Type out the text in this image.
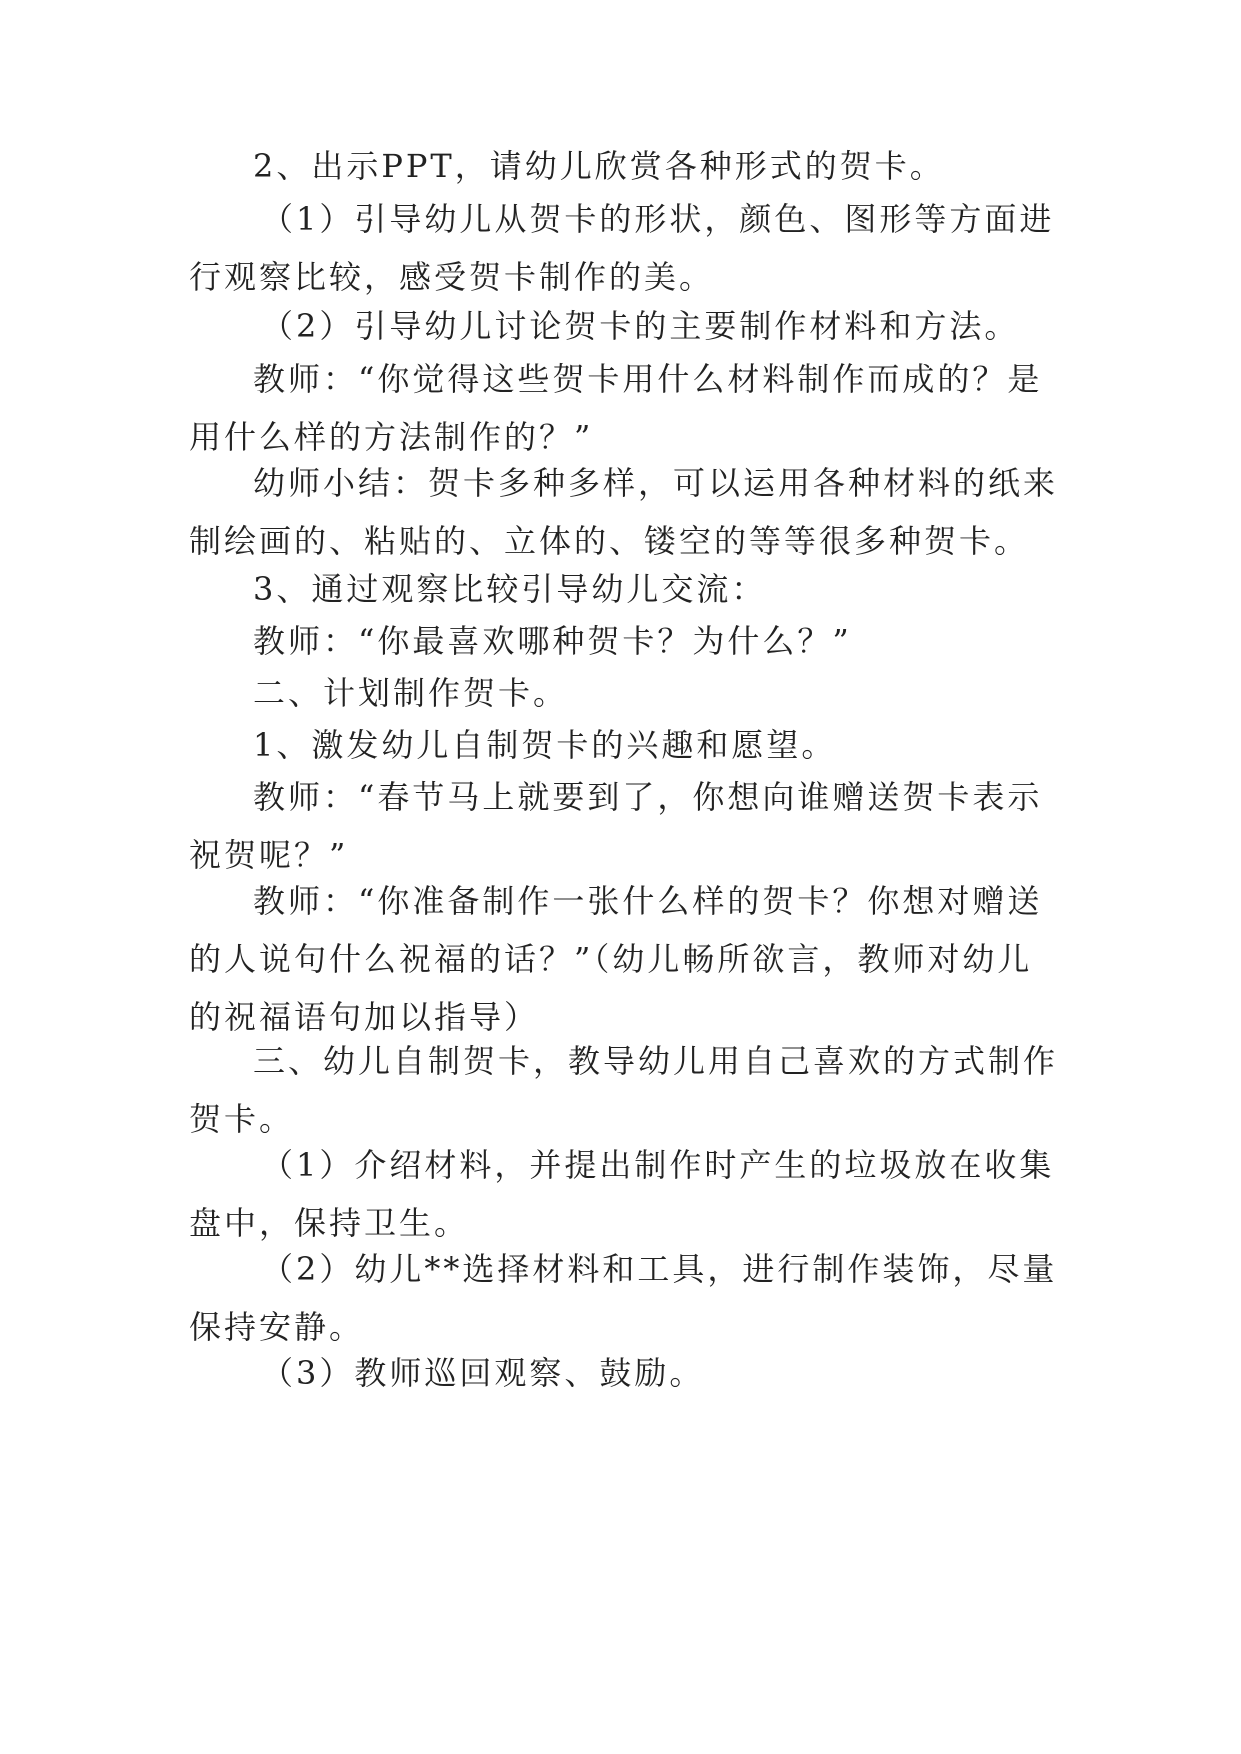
2、出示PPT，请幼儿欣赏各种形式的贺卡。

（1）引导幼儿从贺卡的形状，颜色、图形等方面进行观察比较，感受贺卡制作的美。

（2）引导幼儿讨论贺卡的主要制作材料和方法。

教师：“你觉得这些贺卡用什么材料制作而成的？是用什么样的方法制作的？”

幼师小结：贺卡多种多样，可以运用各种材料的纸来制绘画的、粘贴的、立体的、镂空的等等很多种贺卡。

3、通过观察比较引导幼儿交流：

教师：“你最喜欢哪种贺卡？为什么？”

二、计划制作贺卡。

1、激发幼儿自制贺卡的兴趣和愿望。

教师：“春节马上就要到了，你想向谁赠送贺卡表示祝贺呢？”

教师：“你准备制作一张什么样的贺卡？你想对赠送的人说句什么祝福的话？”（幼儿畅所欲言，教师对幼儿的祝福语句加以指导）

三、幼儿自制贺卡，教导幼儿用自己喜欢的方式制作贺卡。

（1）介绍材料，并提出制作时产生的垃圾放在收集盘中，保持卫生。

（2）幼儿**选择材料和工具，进行制作装饰，尽量保持安静。

（3）教师巡回观察、鼓励。
